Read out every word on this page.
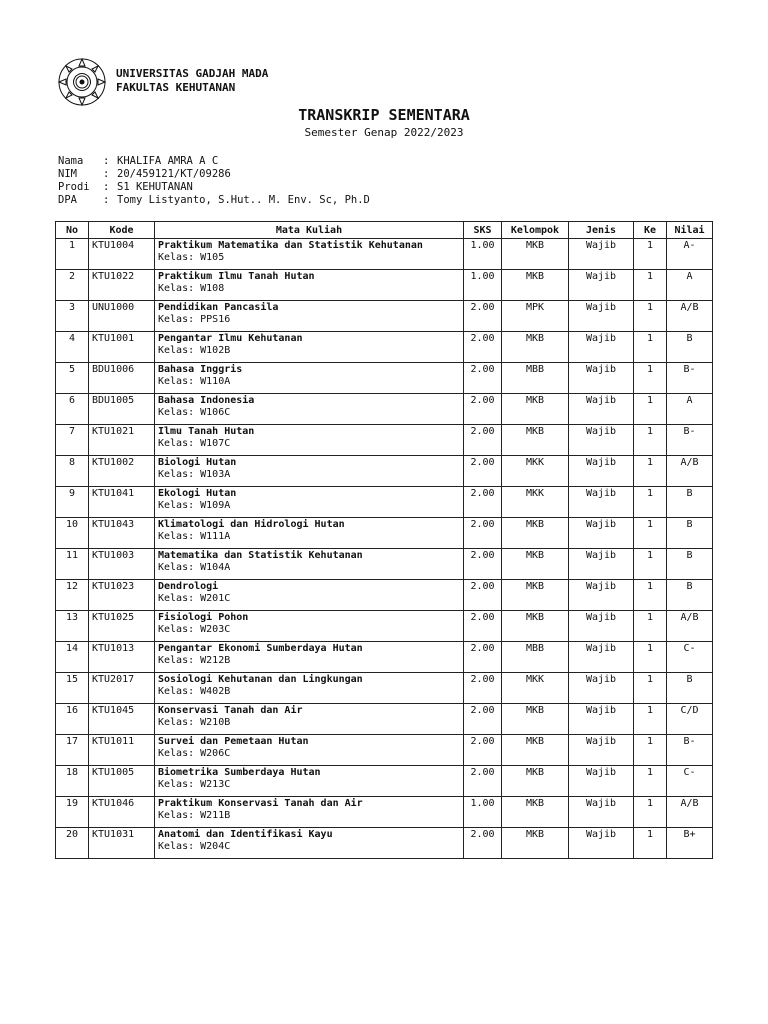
UNIVERSITAS GADJAH MADA
FAKULTAS KEHUTANAN
TRANSKRIP SEMENTARA
Semester Genap 2022/2023
Nama	: KHALIFA AMRA A C
NIM	: 20/459121/KT/09286
Prodi	: S1 KEHUTANAN
DPA	: Tomy Listyanto, S.Hut.. M. Env. Sc, Ph.D
No	Kode	Mata Kuliah	SKS	Kelompok	Jenis	Ke	Nilai
1	KTU1004	Praktikum Matematika dan Statistik Kehutanan
Kelas: W105	1.00	MKB	Wajib	1	A-
2	KTU1022	Praktikum Ilmu Tanah Hutan
Kelas: W108	1.00	MKB	Wajib	1	A
3	UNU1000	Pendidikan Pancasila
Kelas: PPS16	2.00	MPK	Wajib	1	A/B
4	KTU1001	Pengantar Ilmu Kehutanan
Kelas: W102B	2.00	MKB	Wajib	1	B
5	BDU1006	Bahasa Inggris
Kelas: W110A	2.00	MBB	Wajib	1	B-
6	BDU1005	Bahasa Indonesia
Kelas: W106C	2.00	MKB	Wajib	1	A
7	KTU1021	Ilmu Tanah Hutan
Kelas: W107C	2.00	MKB	Wajib	1	B-
8	KTU1002	Biologi Hutan
Kelas: W103A	2.00	MKK	Wajib	1	A/B
9	KTU1041	Ekologi Hutan
Kelas: W109A	2.00	MKK	Wajib	1	B
10	KTU1043	Klimatologi dan Hidrologi Hutan
Kelas: W111A	2.00	MKB	Wajib	1	B
11	KTU1003	Matematika dan Statistik Kehutanan
Kelas: W104A	2.00	MKB	Wajib	1	B
12	KTU1023	Dendrologi
Kelas: W201C	2.00	MKB	Wajib	1	B
13	KTU1025	Fisiologi Pohon
Kelas: W203C	2.00	MKB	Wajib	1	A/B
14	KTU1013	Pengantar Ekonomi Sumberdaya Hutan
Kelas: W212B	2.00	MBB	Wajib	1	C-
15	KTU2017	Sosiologi Kehutanan dan Lingkungan
Kelas: W402B	2.00	MKK	Wajib	1	B
16	KTU1045	Konservasi Tanah dan Air
Kelas: W210B	2.00	MKB	Wajib	1	C/D
17	KTU1011	Survei dan Pemetaan Hutan
Kelas: W206C	2.00	MKB	Wajib	1	B-
18	KTU1005	Biometrika Sumberdaya Hutan
Kelas: W213C	2.00	MKB	Wajib	1	C-
19	KTU1046	Praktikum Konservasi Tanah dan Air
Kelas: W211B	1.00	MKB	Wajib	1	A/B
20	KTU1031	Anatomi dan Identifikasi Kayu
Kelas: W204C	2.00	MKB	Wajib	1	B+
